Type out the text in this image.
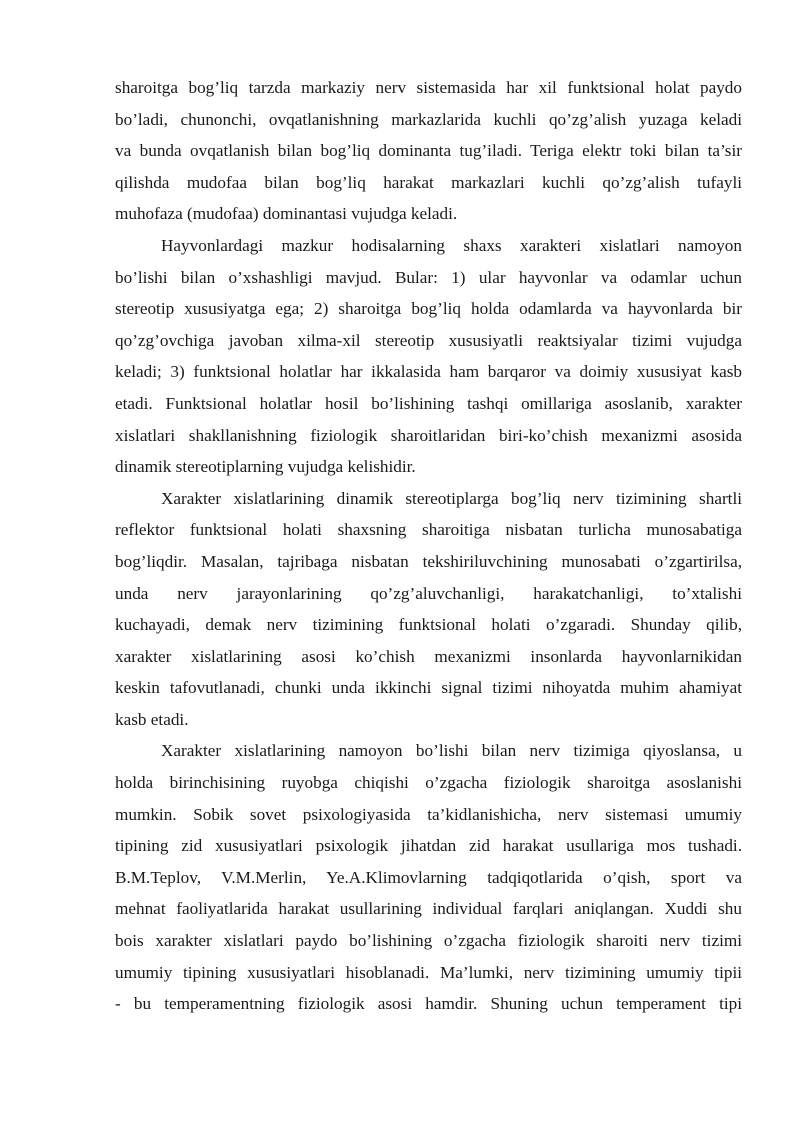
sharoitga bog’liq tarzda markaziy nerv sistemasida har xil funktsional holat paydo
bo’ladi, chunonchi, ovqatlanishning markazlarida kuchli qo’zg’alish yuzaga keladi
va bunda ovqatlanish bilan bog’liq dominanta tug’iladi. Teriga elektr toki bilan ta’sir
qilishda mudofaa bilan bog’liq harakat markazlari kuchli qo’zg’alish tufayli
muhofaza (mudofaa) dominantasi vujudga keladi.
Hayvonlardagi mazkur hodisalarning shaxs xarakteri xislatlari namoyon
bo’lishi bilan o’xshashligi mavjud. Bular: 1) ular hayvonlar va odamlar uchun
stereotip xususiyatga ega; 2) sharoitga bog’liq holda odamlarda va hayvonlarda bir
qo’zg’ovchiga javoban xilma-xil stereotip xususiyatli reaktsiyalar tizimi vujudga
keladi; 3) funktsional holatlar har ikkalasida ham barqaror va doimiy xususiyat kasb
etadi. Funktsional holatlar hosil bo’lishining tashqi omillariga asoslanib, xarakter
xislatlari shakllanishning fiziologik sharoitlaridan biri-ko’chish mexanizmi asosida
dinamik stereotiplarning vujudga kelishidir.
Xarakter xislatlarining dinamik stereotiplarga bog’liq nerv tizimining shartli
reflektor funktsional holati shaxsning sharoitiga nisbatan turlicha munosabatiga
bog’liqdir. Masalan, tajribaga nisbatan tekshiriluvchining munosabati o’zgartirilsa,
unda nerv jarayonlarining qo’zg’aluvchanligi, harakatchanligi, to’xtalishi
kuchayadi, demak nerv tizimining funktsional holati o’zgaradi. Shunday qilib,
xarakter xislatlarining asosi ko’chish mexanizmi insonlarda hayvonlarnikidan
keskin tafovutlanadi, chunki unda ikkinchi signal tizimi nihoyatda muhim ahamiyat
kasb etadi.
Xarakter xislatlarining namoyon bo’lishi bilan nerv tizimiga qiyoslansa, u
holda birinchisining ruyobga chiqishi o’zgacha fiziologik sharoitga asoslanishi
mumkin. Sobik sovet psixologiyasida ta’kidlanishicha, nerv sistemasi umumiy
tipining zid xususiyatlari psixologik jihatdan zid harakat usullariga mos tushadi.
B.M.Teplov, V.M.Merlin, Ye.A.Klimovlarning tadqiqotlarida o’qish, sport va
mehnat faoliyatlarida harakat usullarining individual farqlari aniqlangan. Xuddi shu
bois xarakter xislatlari paydo bo’lishining o’zgacha fiziologik sharoiti nerv tizimi
umumiy tipining xususiyatlari hisoblanadi. Ma’lumki, nerv tizimining umumiy tipii
- bu temperamentning fiziologik asosi hamdir. Shuning uchun temperament tipi
